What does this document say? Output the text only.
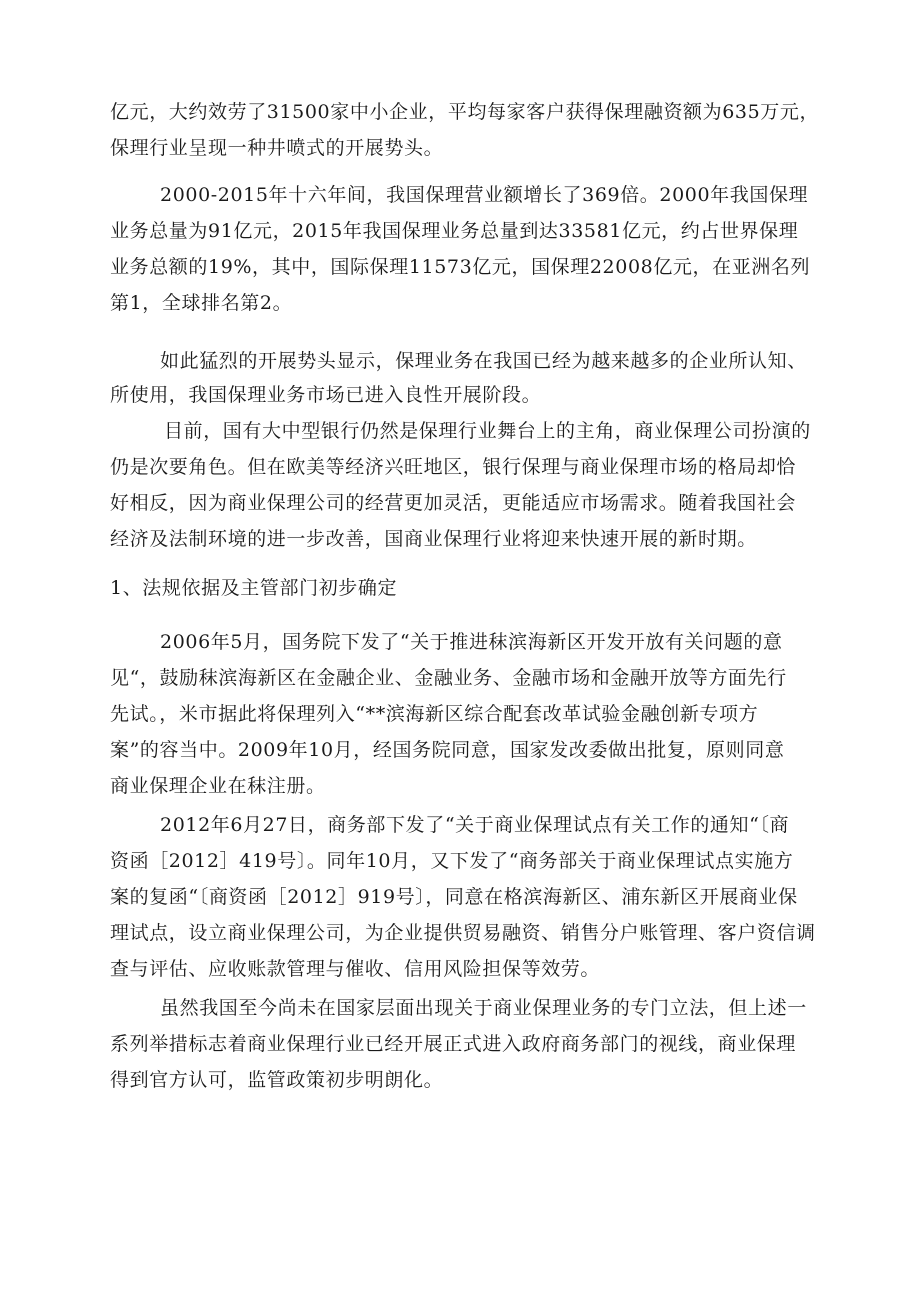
亿元，大约效劳了31500家中小企业，平均每家客户获得保理融资额为635万元，
保理行业呈现一种井喷式的开展势头。
2000-2015年十六年间，我国保理营业额增长了369倍。2000年我国保理
业务总量为91亿元，2015年我国保理业务总量到达33581亿元，约占世界保理
业务总额的19%，其中，国际保理11573亿元，国保理22008亿元，在亚洲名列
第1，全球排名第2。
如此猛烈的开展势头显示，保理业务在我国已经为越来越多的企业所认知、
所使用，我国保理业务市场已进入良性开展阶段。
目前，国有大中型银行仍然是保理行业舞台上的主角，商业保理公司扮演的
仍是次要角色。但在欧美等经济兴旺地区，银行保理与商业保理市场的格局却恰
好相反，因为商业保理公司的经营更加灵活，更能适应市场需求。随着我国社会
经济及法制环境的进一步改善，国商业保理行业将迎来快速开展的新时期。
1、法规依据及主管部门初步确定
2006年5月，国务院下发了“关于推进秣滨海新区开发开放有关问题的意
见“，鼓励秣滨海新区在金融企业、金融业务、金融市场和金融开放等方面先行
先试。，米市据此将保理列入“**滨海新区综合配套改革试验金融创新专项方
案”的容当中。2009年10月，经国务院同意，国家发改委做出批复，原则同意
商业保理企业在秣注册。
2012年6月27日，商务部下发了“关于商业保理试点有关工作的通知“〔商
资函［2012］419号〕。同年10月，又下发了“商务部关于商业保理试点实施方
案的复函“〔商资函［2012］919号〕，同意在格滨海新区、浦东新区开展商业保
理试点，设立商业保理公司，为企业提供贸易融资、销售分户账管理、客户资信调
查与评估、应收账款管理与催收、信用风险担保等效劳。
虽然我国至今尚未在国家层面出现关于商业保理业务的专门立法，但上述一
系列举措标志着商业保理行业已经开展正式进入政府商务部门的视线，商业保理
得到官方认可，监管政策初步明朗化。
